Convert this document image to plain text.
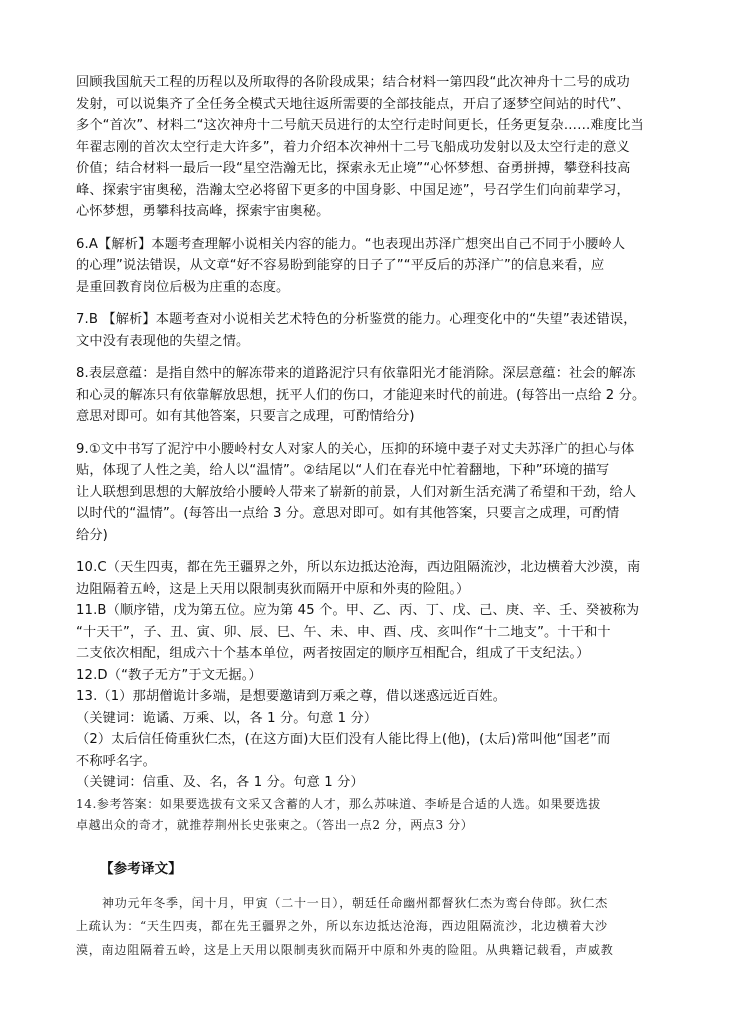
回顾我国航天工程的历程以及所取得的各阶段成果；结合材料一第四段“此次神舟十二号的成功
发射，可以说集齐了全任务全模式天地往返所需要的全部技能点，开启了逐梦空间站的时代”、
多个“首次”、材料二“这次神舟十二号航天员进行的太空行走时间更长，任务更复杂……难度比当
年翟志刚的首次太空行走大许多”，着力介绍本次神州十二号飞船成功发射以及太空行走的意义
价值；结合材料一最后一段“星空浩瀚无比，探索永无止境”“心怀梦想、奋勇拼搏，攀登科技高
峰、探索宇宙奥秘，浩瀚太空必将留下更多的中国身影、中国足迹”，号召学生们向前辈学习，
心怀梦想，勇攀科技高峰，探索宇宙奥秘。
6.A【解析】本题考查理解小说相关内容的能力。“也表现出苏泽广想突出自己不同于小腰岭人
的心理”说法错误，从文章“好不容易盼到能穿的日子了”“平反后的苏泽广”的信息来看，应
是重回教育岗位后极为庄重的态度。
7.B 【解析】本题考查对小说相关艺术特色的分析鉴赏的能力。心理变化中的“失望”表述错误，
文中没有表现他的失望之情。
8.表层意蕴：是指自然中的解冻带来的道路泥泞只有依靠阳光才能消除。深层意蕴：社会的解冻
和心灵的解冻只有依靠解放思想，抚平人们的伤口，才能迎来时代的前进。(每答出一点给 2 分。
意思对即可。如有其他答案，只要言之成理，可酌情给分)
9.①文中书写了泥泞中小腰岭村女人对家人的关心，压抑的环境中妻子对丈夫苏泽广的担心与体
贴，体现了人性之美，给人以“温情”。②结尾以“人们在春光中忙着翻地，下种”环境的描写
让人联想到思想的大解放给小腰岭人带来了崭新的前景，人们对新生活充满了希望和干劲，给人
以时代的“温情”。(每答出一点给 3 分。意思对即可。如有其他答案，只要言之成理，可酌情
给分)
10.C（天生四夷，都在先王疆界之外，所以东边抵达沧海，西边阻隔流沙，北边横着大沙漠，南
边阻隔着五岭，这是上天用以限制夷狄而隔开中原和外夷的险阻。）
11.B（顺序错，戊为第五位。应为第 45 个。甲、乙、丙、丁、戊、己、庚、辛、壬、癸被称为
“十天干”，子、丑、寅、卯、辰、巳、午、未、申、酉、戌、亥叫作“十二地支”。十干和十
二支依次相配，组成六十个基本单位，两者按固定的顺序互相配合，组成了干支纪法。）
12.D（“教子无方”于文无据。）
13.（1）那胡僧诡计多端，是想要邀请到万乘之尊，借以迷惑远近百姓。
（关键词：诡谲、万乘、以，各 1 分。句意 1 分）
（2）太后信任倚重狄仁杰，(在这方面)大臣们没有人能比得上(他)，(太后)常叫他“国老”而
不称呼名字。
（关键词：信重、及、名，各 1 分。句意 1 分）
14.参考答案：如果要选拔有文采又含蓄的人才，那么苏味道、李峤是合适的人选。如果要选拔
卓越出众的奇才，就推荐荆州长史张柬之。（答出一点2 分，两点3 分）
【参考译文】
神功元年冬季，闰十月，甲寅（二十一日），朝廷任命幽州都督狄仁杰为鸾台侍郎。狄仁杰
上疏认为：“天生四夷，都在先王疆界之外，所以东边抵达沧海，西边阻隔流沙，北边横着大沙
漠，南边阻隔着五岭，这是上天用以限制夷狄而隔开中原和外夷的险阻。从典籍记载看，声威教
